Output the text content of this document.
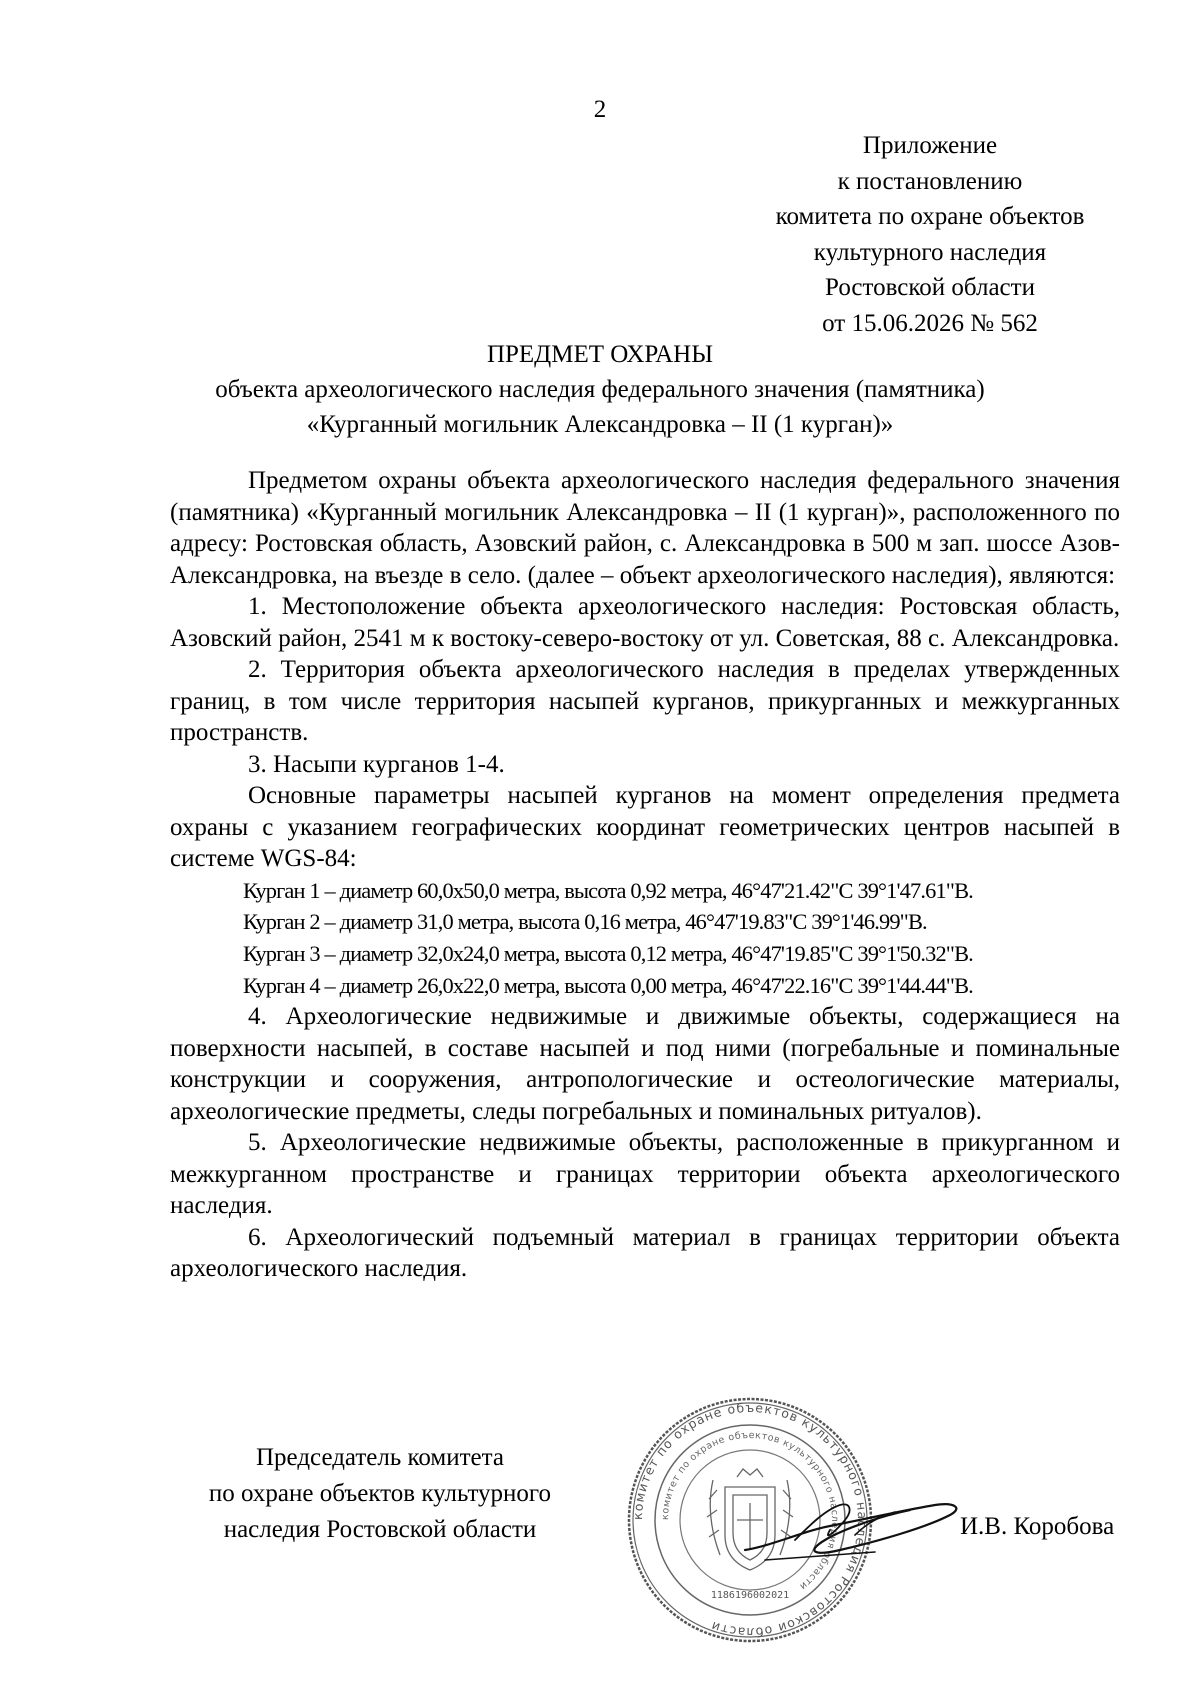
2
Приложение
к постановлению
комитета по охране объектов
культурного наследия
Ростовской области
от 15.06.2026 № 562
ПРЕДМЕТ ОХРАНЫ
объекта археологического наследия федерального значения (памятника)
«Курганный могильник Александровка – II (1 курган)»

Предметом охраны объекта археологического наследия федерального значения (памятника) «Курганный могильник Александровка – II (1 курган)», расположенного по адресу: Ростовская область, Азовский район, с. Александровка в 500 м зап. шоссе Азов-Александровка, на въезде в село. (далее – объект археологического наследия), являются:

1. Местоположение объекта археологического наследия: Ростовская область, Азовский район, 2541 м к востоку-северо-востоку от ул. Советская, 88 с. Александровка.

2. Территория объекта археологического наследия в пределах утвержденных границ, в том числе территория насыпей курганов, прикурганных и межкурганных пространств.

3. Насыпи курганов 1-4.

Основные параметры насыпей курганов на момент определения предмета охраны с указанием географических координат геометрических центров насыпей в системе WGS-84:

Курган 1 – диаметр 60,0х50,0 метра, высота 0,92 метра, 46°47'21.42"С 39°1'47.61"В.
Курган 2 – диаметр 31,0 метра, высота 0,16 метра, 46°47'19.83"С 39°1'46.99"В.
Курган 3 – диаметр 32,0х24,0 метра, высота 0,12 метра, 46°47'19.85"С 39°1'50.32"В.
Курган 4 – диаметр 26,0х22,0 метра, высота 0,00 метра, 46°47'22.16"С 39°1'44.44"В.

4. Археологические недвижимые и движимые объекты, содержащиеся на поверхности насыпей, в составе насыпей и под ними (погребальные и поминальные конструкции и сооружения, антропологические и остеологические материалы, археологические предметы, следы погребальных и поминальных ритуалов).

5. Археологические недвижимые объекты, расположенные в прикурганном и межкурганном пространстве и границах территории объекта археологического наследия.

6. Археологический подъемный материал в границах территории объекта археологического наследия.

Председатель комитета
по охране объектов культурного
наследия Ростовской области
комитет по охране объектов культурного наследия Ростовской области
комитет по охране объектов культурного наследия области
1186196002021
И.В. Коробова
